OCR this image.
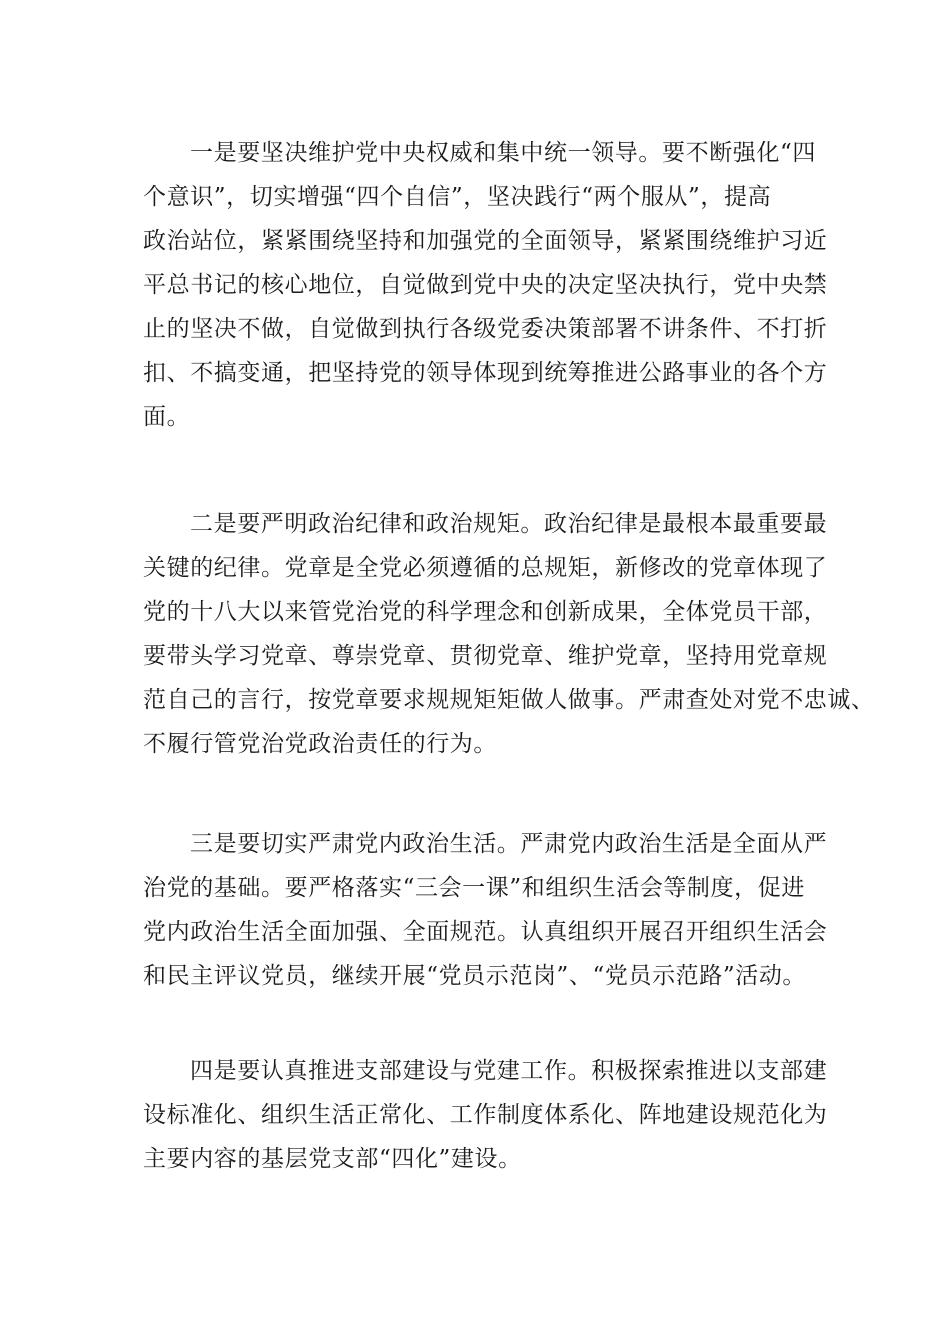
一是要坚决维护党中央权威和集中统一领导。要不断强化“四
个意识”，切实增强“四个自信”，坚决践行“两个服从”，提高
政治站位，紧紧围绕坚持和加强党的全面领导，紧紧围绕维护习近
平总书记的核心地位，自觉做到党中央的决定坚决执行，党中央禁
止的坚决不做，自觉做到执行各级党委决策部署不讲条件、不打折
扣、不搞变通，把坚持党的领导体现到统筹推进公路事业的各个方
面。
二是要严明政治纪律和政治规矩。政治纪律是最根本最重要最
关键的纪律。党章是全党必须遵循的总规矩，新修改的党章体现了
党的十八大以来管党治党的科学理念和创新成果，全体党员干部，
要带头学习党章、尊崇党章、贯彻党章、维护党章，坚持用党章规
范自己的言行，按党章要求规规矩矩做人做事。严肃查处对党不忠诚、
不履行管党治党政治责任的行为。
三是要切实严肃党内政治生活。严肃党内政治生活是全面从严
治党的基础。要严格落实“三会一课”和组织生活会等制度，促进
党内政治生活全面加强、全面规范。认真组织开展召开组织生活会
和民主评议党员，继续开展“党员示范岗”、“党员示范路”活动。
四是要认真推进支部建设与党建工作。积极探索推进以支部建
设标准化、组织生活正常化、工作制度体系化、阵地建设规范化为
主要内容的基层党支部“四化”建设。
